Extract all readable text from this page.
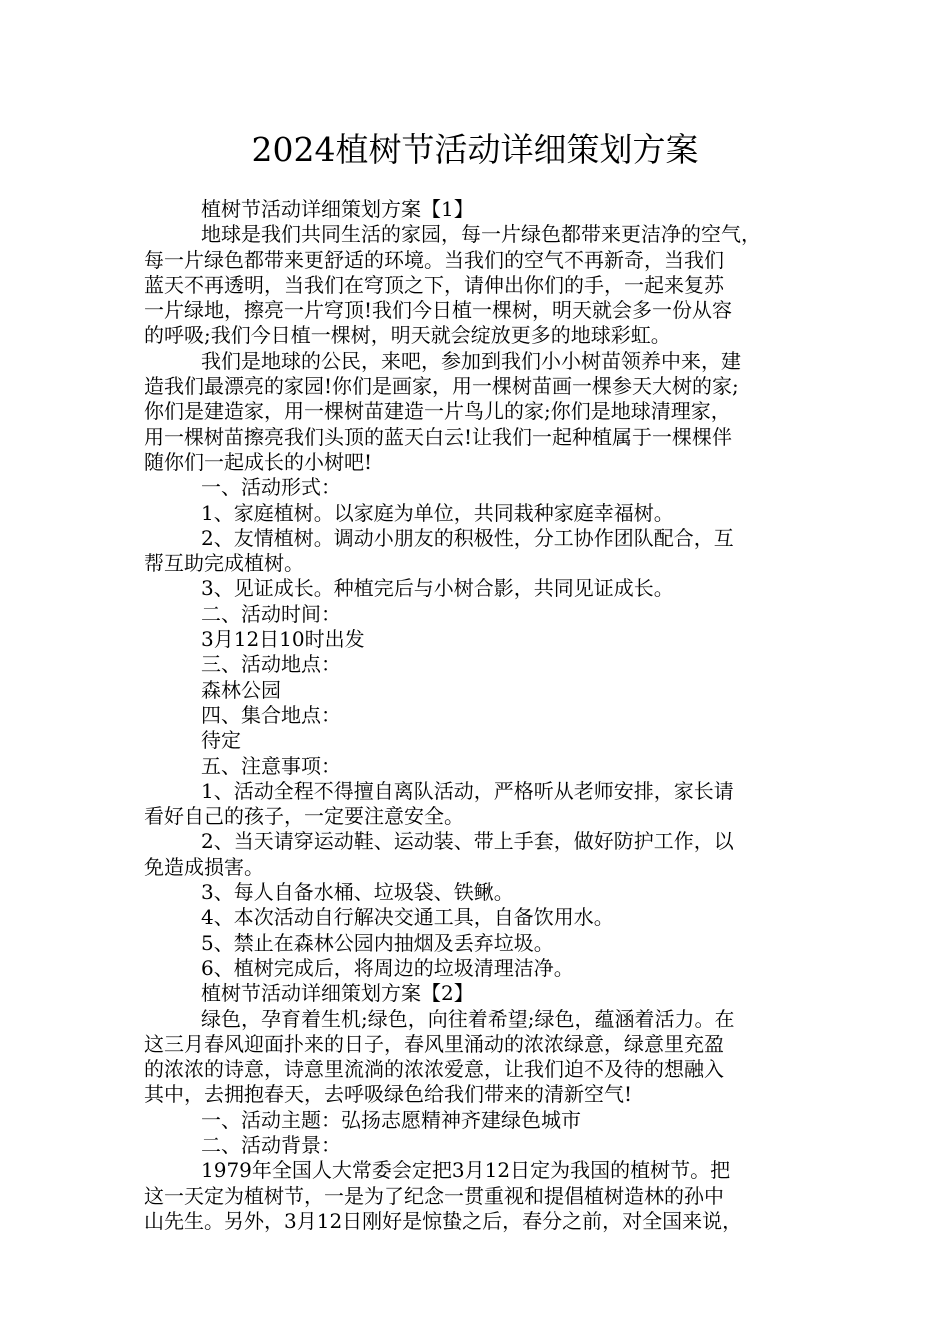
2024植树节活动详细策划方案

植树节活动详细策划方案【1】

地球是我们共同生活的家园，每一片绿色都带来更洁净的空气，

每一片绿色都带来更舒适的环境。当我们的空气不再新奇，当我们

蓝天不再透明，当我们在穹顶之下，请伸出你们的手，一起来复苏

一片绿地，擦亮一片穹顶!我们今日植一棵树，明天就会多一份从容

的呼吸;我们今日植一棵树，明天就会绽放更多的地球彩虹。

我们是地球的公民，来吧，参加到我们小小树苗领养中来，建

造我们最漂亮的家园!你们是画家，用一棵树苗画一棵参天大树的家;

你们是建造家，用一棵树苗建造一片鸟儿的家;你们是地球清理家，

用一棵树苗擦亮我们头顶的蓝天白云!让我们一起种植属于一棵棵伴

随你们一起成长的小树吧!

一、活动形式：

1、家庭植树。以家庭为单位，共同栽种家庭幸福树。

2、友情植树。调动小朋友的积极性，分工协作团队配合，互

帮互助完成植树。

3、见证成长。种植完后与小树合影，共同见证成长。

二、活动时间：

3月12日10时出发

三、活动地点：

森林公园

四、集合地点：

待定

五、注意事项：

1、活动全程不得擅自离队活动，严格听从老师安排，家长请

看好自己的孩子，一定要注意安全。

2、当天请穿运动鞋、运动装、带上手套，做好防护工作，以

免造成损害。

3、每人自备水桶、垃圾袋、铁鳅。

4、本次活动自行解决交通工具，自备饮用水。

5、禁止在森林公园内抽烟及丢弃垃圾。

6、植树完成后，将周边的垃圾清理洁净。

植树节活动详细策划方案【2】

绿色，孕育着生机;绿色，向往着希望;绿色，蕴涵着活力。在

这三月春风迎面扑来的日子，春风里涌动的浓浓绿意，绿意里充盈

的浓浓的诗意，诗意里流淌的浓浓爱意，让我们迫不及待的想融入

其中，去拥抱春天，去呼吸绿色给我们带来的清新空气!

一、活动主题：弘扬志愿精神齐建绿色城市

二、活动背景：

1979年全国人大常委会定把3月12日定为我国的植树节。把

这一天定为植树节，一是为了纪念一贯重视和提倡植树造林的孙中

山先生。另外，3月12日刚好是惊蛰之后，春分之前，对全国来说，
